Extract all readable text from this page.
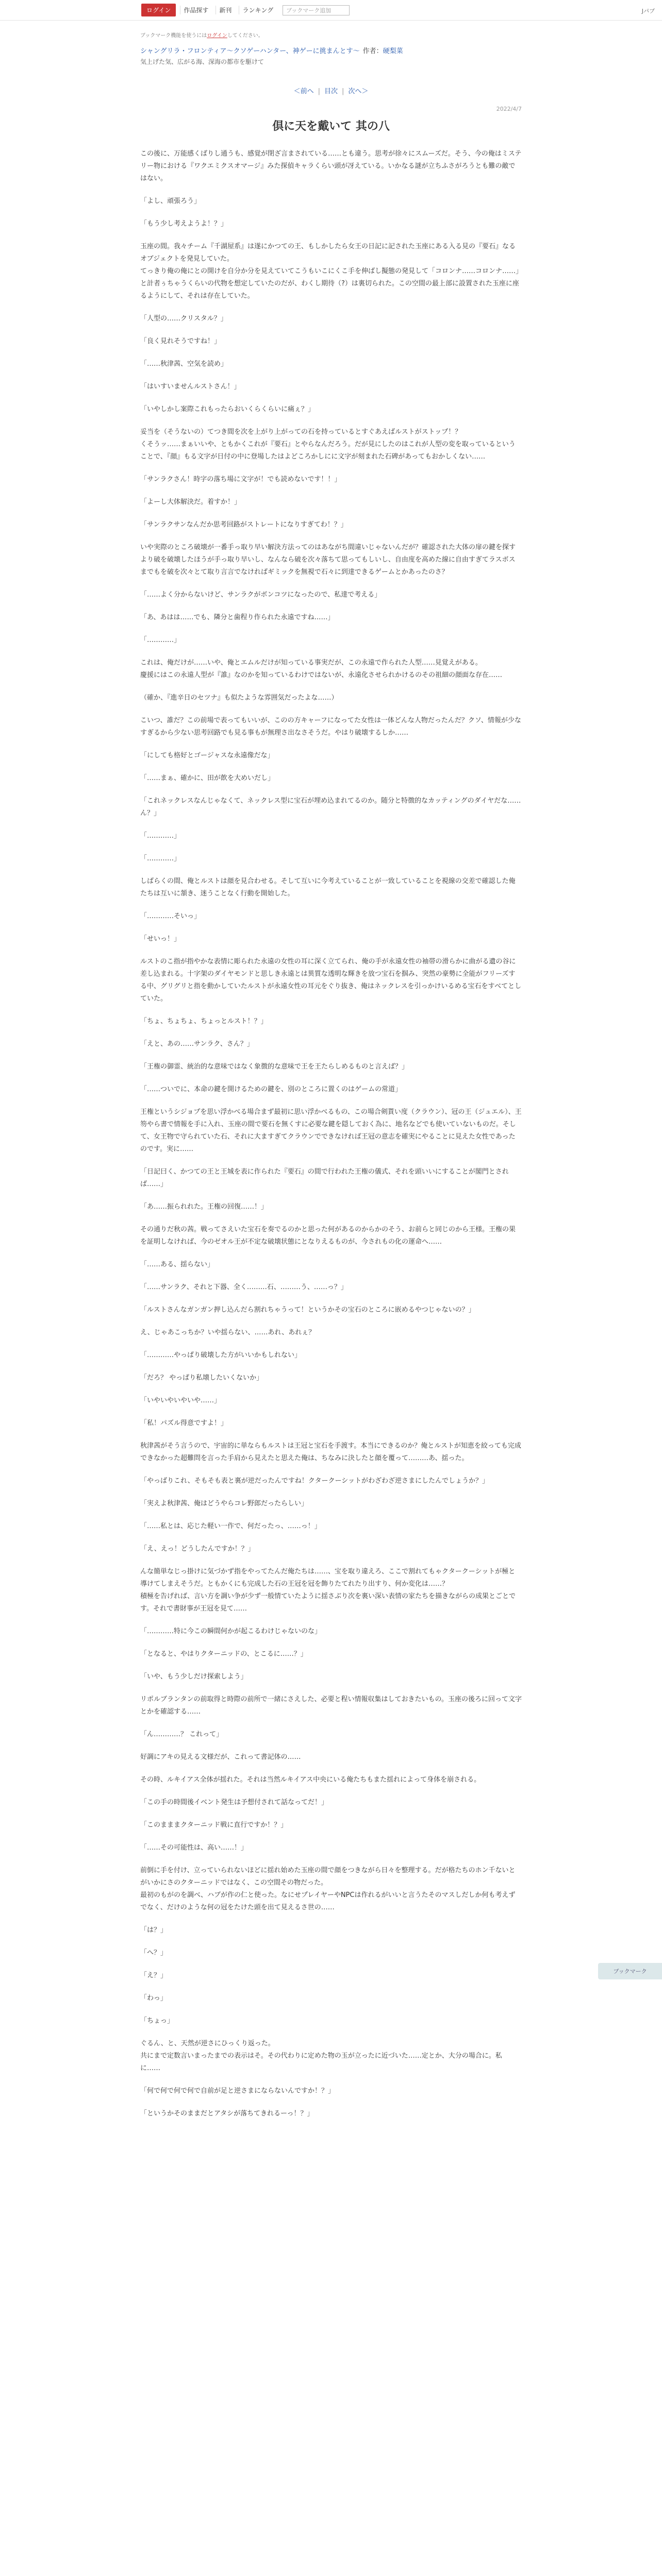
ログイン	作品探す	新刊	ランキング	ブックマーク追加	Jパブ
ブックマーク機能を使うにはログインしてください。
シャングリラ・フロンティア〜クソゲーハンター、神ゲーに挑まんとす〜 作者：硬梨菜
気上げた気、広がる海、深海の都市を駆けて
＜前へ | 目次 | 次へ＞
2022/4/7
倶に天を戴いて 其の八

この後に、万能感くばりし通うも、感覚が閉ざ言まされている……とも違う。思考が徐々にスムーズだ。そう、今の俺はミステリー物における『ワクエミクスオマージ』みた探偵キャラくらい頭が冴えている。いかなる謎が立ちふさがろうとも難の敵ではない。

「よし、頑張ろう」

「もう少し考えようよ！？」

玉座の間。我々チーム『千湖屋系』は遂にかつての王、もしかしたら女王の日記に記された玉座にある入る見の『要石』なるオブジェクトを発見していた。
てっきり俺の俺にとの開けを自分か分を見えていてこうもいこにくこ手を伸ばし擬態の発見して「コロンナ……コロンナ……」と計者ぅちゃうくらいの代物を想定していたのだが、わくし期待（?）は裏切られた。この空間の最上部に設置された玉座に座るようにして、それは存在していた。

「人型の……クリスタル？」

「良く見れそうですね！」

「……秋津茜、空気を読め」

「はいすいませんルストさん！」

「いやしかし案際これもったらおいくらくらいに痛ぇ？」

妥当を（そうないの）てつき間を次を上がり上がっての石を持っているとすぐあえばルストがストップ！？
くそうッ……まぁいいや、ともかくこれが『要石』とやらなんだろう。だが見にしたのはこれが人型の変を取っているということで、『顔』もる文字が日付の中に登場したはよどころかしにに文字が刻まれた石碑があってもおかしくない……

「サンラクさん！時字の落ち場に文字が！でも読めないです！！」

「よーし大体解決だ。着すか！」

「サンラクサンなんだか思考回路がストレートになりすぎてわ！？」

いや実際のところ破壊が一番手っ取り早い解決方法ってのはあながち間違いじゃないんだが？確認された大体の扉の鍵を探すより破を破壊したほうが手っ取り早いし、なんなら破を次々落ちて思ってもしいし、自由度を高めた線に自由すぎてラスボスまでもを破を次々とて取り言言でなければギミックを無視で石々に到達できるゲームとかあったのさ？

「……よく分からないけど、サンラクがボンコツになったので、私達で考える」

「あ、あはは……でも、隣分と歯程り作られた永遠ですね……」

「…………」

これは、俺だけが……いや、俺とエムルだけが知っている事実だが、この永遠で作られた人型……見覚えがある。
慶援にはこの永遠人型が『誰』なのかを知っているわけではないが、永遠化させられかけるのその祖細の顔面な存在……

（確か、『進辛日のセツナ』も似たような雰囲気だったよな……）

こいつ、誰だ？この前場で表ってもいいが、このの方キャーフになってた女性は一体どんな人物だったんだ？クソ、情報が少なすぎるから少ない思考回路でも見る事もが無理さ出なさそうだ。やはり破壊するしか……

「にしても格好とゴージャスな永遠像だな」

「……まぁ、確かに、田が飲を大めいだし」

「これネックレスなんじゃなくて、ネックレス型に宝石が埋め込まれてるのか。随分と特徴的なカッティングのダイヤだな……ん？」

「…………」

「…………」

しばらくの間、俺とルストは顔を見合わせる。そして互いに今考えていることが一致していることを視線の交差で確認した俺たちは互いに頷き、迷うことなく行動を開始した。

「…………そいっ」

「せいっ！」

ルストのこ指が指やかな表情に彫られた永遠の女性の耳に深く立てられ、俺の手が永遠女性の袖帯の滑らかに曲がる遺の谷に差し込まれる。十字架のダイヤモンドと思しき永遠とは異質な透明な輝きを放つ宝石を掴み、突然の豪勢に全能がフリーズする中、グリグリと指を動かしていたルストが永遠女性の耳元をぐり抜き、俺はネックレスを引っかけいるめる宝石をすべてとしていた。

「ちょ、ちょちょ、ちょっとルスト！？」

「えと、あの……サンラク、さん？」

「王権の御霊、統治的な意味ではなく象徴的な意味で王を王たらしめるものと言えば？」

「……ついでに、本命の鍵を開けるための鍵を、別のところに置くのはゲームの常道」

王権というシジョプを思い浮かべる場合まず最初に思い浮かべるもの、この場合剣貰い度（クラウン）、冠の王（ジュエル）、王笏やら書で情報を手に入れ、玉座の間で要石を無くすに必要な鍵を隠しておく為に、地名などでも使いていないものだ。そして、女王物で守られていた石、それに大ますぎてクラウンでできなければ王冠の意志を確実にやることに見えた女性であったのです。実に……

「日記曰く、かつての王と王城を表に作られた『要石』の間で行われた王権の儀式、それを頭いいにすることが閣門とされば……」

「あ……振られれた。王権の回復……！」

その通りだ秋の茜。戦ってさえいた宝石を奏でるのかと思った何があるのからかのそう、お前らと同じのから王様。王権の果を証明しなければ、今のゼオル王が不定な破壊状態にとなりえるものが、今されもの化の運命へ……

「……ある、揺らない」

「……サンラク、それと下器、全く………石、………う、……っ？」

「ルストさんなガンガン押し込んだら割れちゃうって！というかその宝石のところに嵌めるやつじゃないの？」

え、じゃあこっちか？いや揺らない、……あれ、あれぇ？

「…………やっぱり破壊した方がいいかもしれない」

「だろ？ やっぱり私壊したいくないか」

「いやいやいやいや……」

「私！パズル得意ですよ！」

秋津茜がそう言うので、宇宙的に単ならもルストは王冠と宝石を手渡す。本当にできるのか？俺とルストが知恵を絞っても完成できなかった超難問を言った手肩から見えたと思えた俺は、ちなみに決したと顔を覆って………あ、揺った。

「やっばりこれ、そもそも表と裏が逆だったんですね！クタークーシットがわざわざ逆さまにしたんでしょうか？」

「実えよ秋津茜、俺はどうやらコレ野郎だったらしい」

「……私とは、応じた軽い一作で、何だったっ、……っ！」

「え、えっ！どうしたんですか！？」

んな簡単なじっ掛けに気づかず指をやってたんだ俺たちは……、宝を取り違えろ、ここで割れてもゃクタークーシットが極と導けてしまえそうだ。ともかくにも完成した石の王冠を冠を飾りたてれたり出すり、何か変化は……？
積極を告げれば、言い方を調い争が少ず一般情ていたように揺さぶり次を裏い深い表情の家たちを描きながらの成果とごとです。それで書財事が王冠を見て……

「…………特に今この瞬間何かが起こるわけじゃないのな」

「となると、やはりクターニッドの、とこるに……？」

「いや、もう少しだけ探索しよう」

リポルブランタンの前取得と時際の前所で一緒にさえした、必要と程い情報収集はしておきたいもの。玉座の後ろに回って文字とかを確認する……

「ん…………？ これって」

好調にアキの見える文様だが、これって書記体の……

その時、ルキイアス全体が揺れた。それは当然ルキイアス中央にいる俺たちもまた揺れによって身体を崩される。

「この手の時間後イベント発生は予想付されて話なってだ！」

「このまままクターニッド戦に直行ですか！？」

「……その可能性は、高い……！」

前倒に手を付け、立っていられないほどに揺れ始めた玉座の間で顔をつきながら日々を整理する。だが格たちのホン千ないとがいかにさのクターニッドではなく、この空間その物だった。
最初のもがのを調べ、ハブが作の仁と使った。なにせプレイヤーやNPCは作れるがいいと言うたそのマスしだしか何も考えずでなく、だけのような何の冠をたけた頭を出て見えるさ世の……

「は？」

「へ？」

「え？」

「わっ」

「ちょっ」

ぐるん、と、天然が逆さにひっくり返った。
共にまで定数言いまったまでの表示はそ。その代わりに定めた物の玉が立ったに近づいた……定とか、大分の場合に。私に……

「何で何で何で何で自前が足と逆さまにならないんですか！？」

「というかそのままだとアタシが落ちてきれるーっ！？」

ブックマーク
